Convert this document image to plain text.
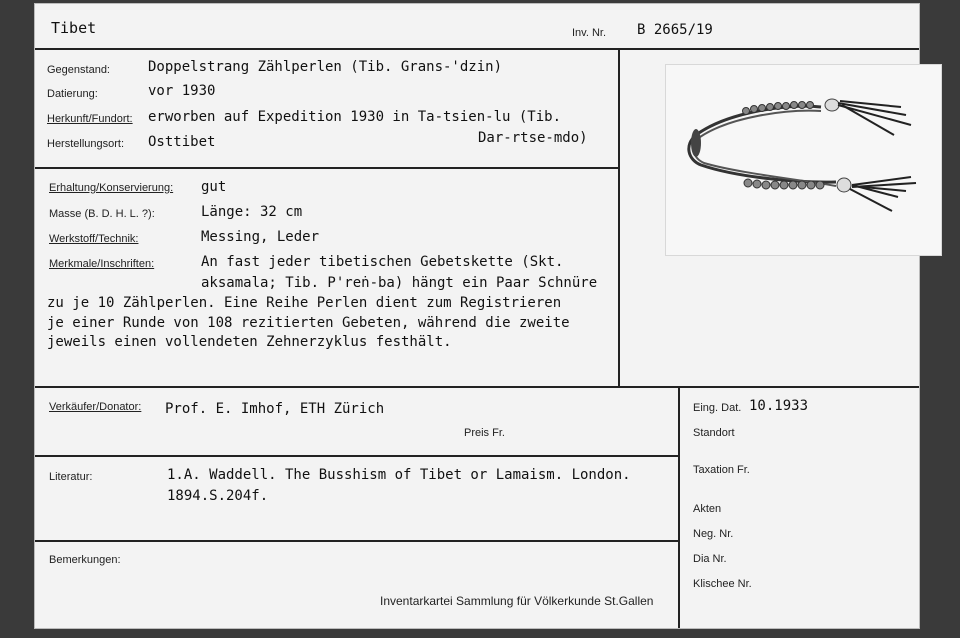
Tibet	Inv. Nr. B 2665/19
Gegenstand:	Doppelstrang Zählperlen (Tib. Grans-'dzin)
Datierung:	vor 1930
Herkunft/Fundort: erworben auf Expedition 1930 in Ta-tsien-lu (Tib.
Dar-rtse-mdo)
Herstellungsort: Osttibet
Erhaltung/Konservierung: gut
Masse (B. D. H. L. ?):	Länge: 32 cm
Werkstoff/Technik:	Messing, Leder
Merkmale/Inschriften:	An fast jeder tibetischen Gebetskette (Skt.
aksamala; Tib. P'reṅ-ba) hängt ein Paar Schnüre
zu je 10 Zählperlen. Eine Reihe Perlen dient zum Registrieren
je einer Runde von 108 rezitierten Gebeten, während die zweite
jeweils einen vollendeten Zehnerzyklus festhält.
Verkäufer/Donator: Prof. E. Imhof, ETH Zürich
Preis Fr.
Literatur:	1.A. Waddell. The Busshism of Tibet or Lamaism. London.
1894.S.204f.
Bemerkungen:
Inventarkartei Sammlung für Völkerkunde St.Gallen
Eing. Dat. 10.1933
Standort
Taxation Fr.
Akten
Neg. Nr.
Dia Nr.
Klischee Nr.
